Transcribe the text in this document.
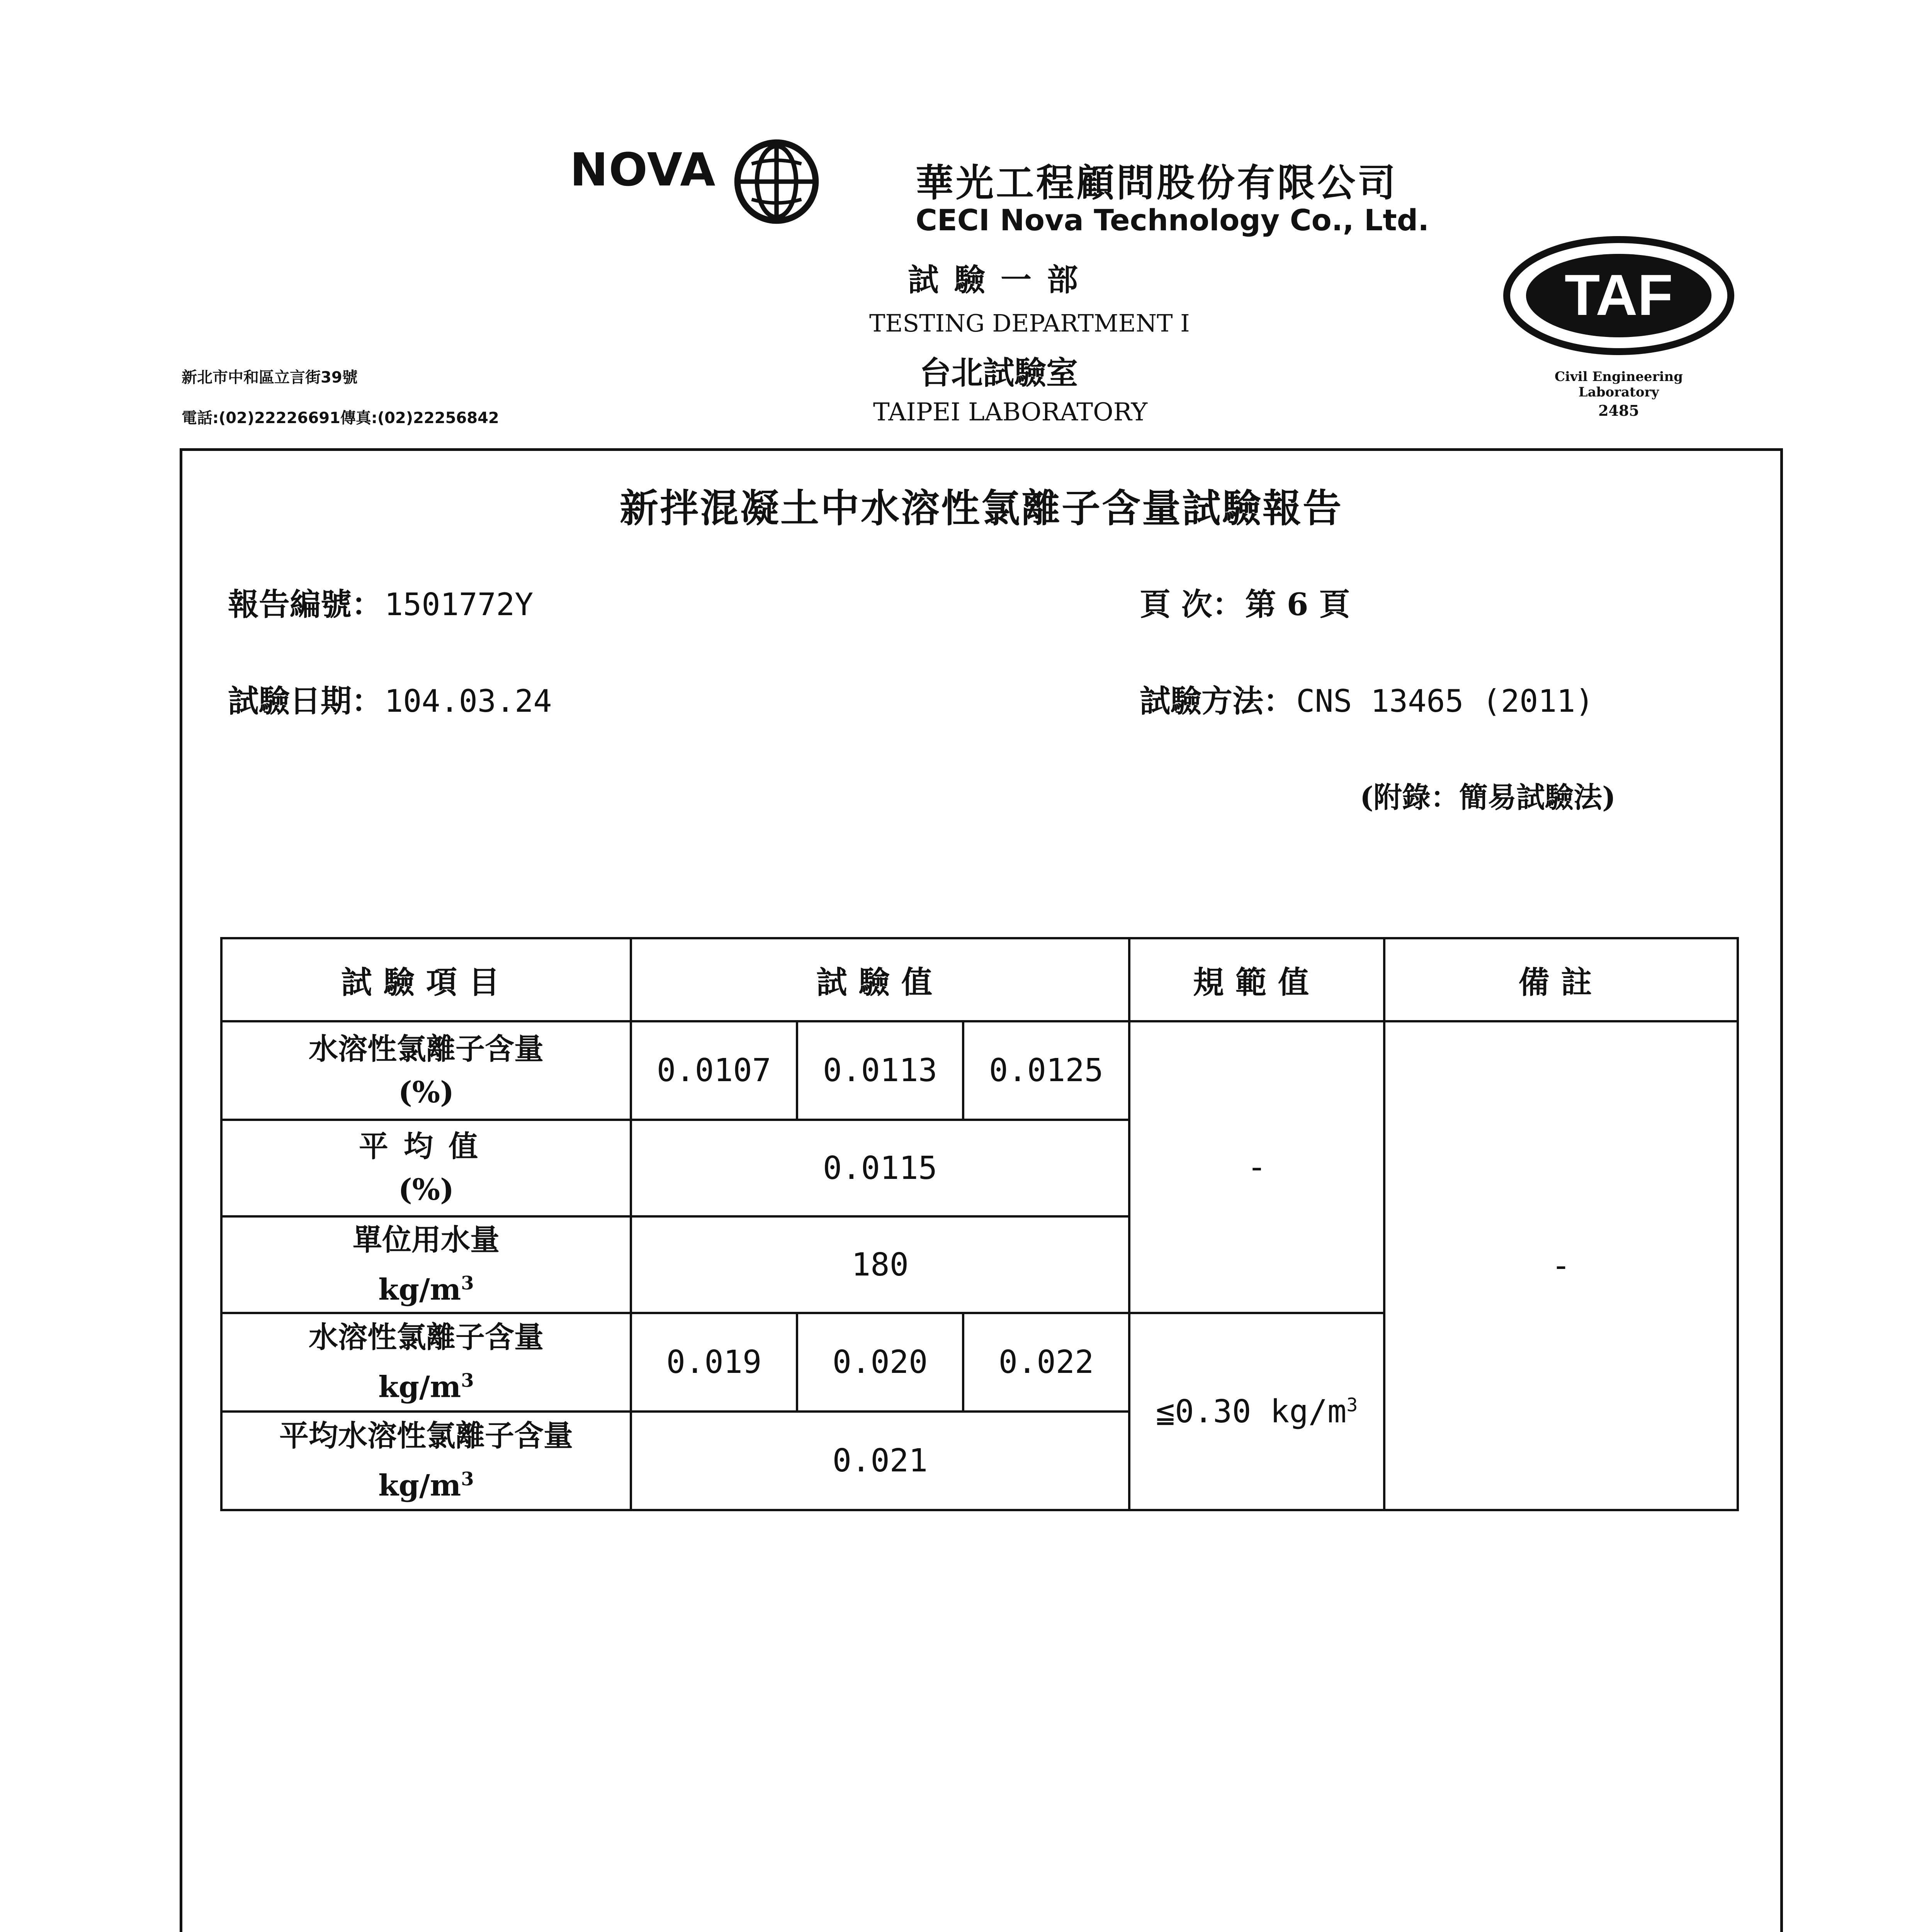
NOVA	華光工程顧問股份有限公司
CECI Nova Technology Co., Ltd.
試驗一部
TESTING DEPARTMENT I
台北試驗室
TAIPEI LABORATORY
新北市中和區立言街39號
電話:(02)22226691傳真:(02)22256842
TAF
Civil Engineering
Laboratory
2485
新拌混凝土中水溶性氯離子含量試驗報告
報告編號： 1501772Y
試驗日期： 104.03.24
頁 次： 第 6 頁
試驗方法： CNS 13465 (2011)
(附錄：簡易試驗法)
試驗項目	試驗值			規範值	備註

水溶性氯離子含量
(%)	0.0107	0.0113	0.0125	-	-

平均值
(%)	0.0115				

單位用水量
$kg/m^3$	180				

水溶性氯離子含量
$kg/m^3$	0.019	0.020	0.022	≦0.30 $kg/m^3$

平均水溶性氯離子含量
$kg/m^3$	0.021				
